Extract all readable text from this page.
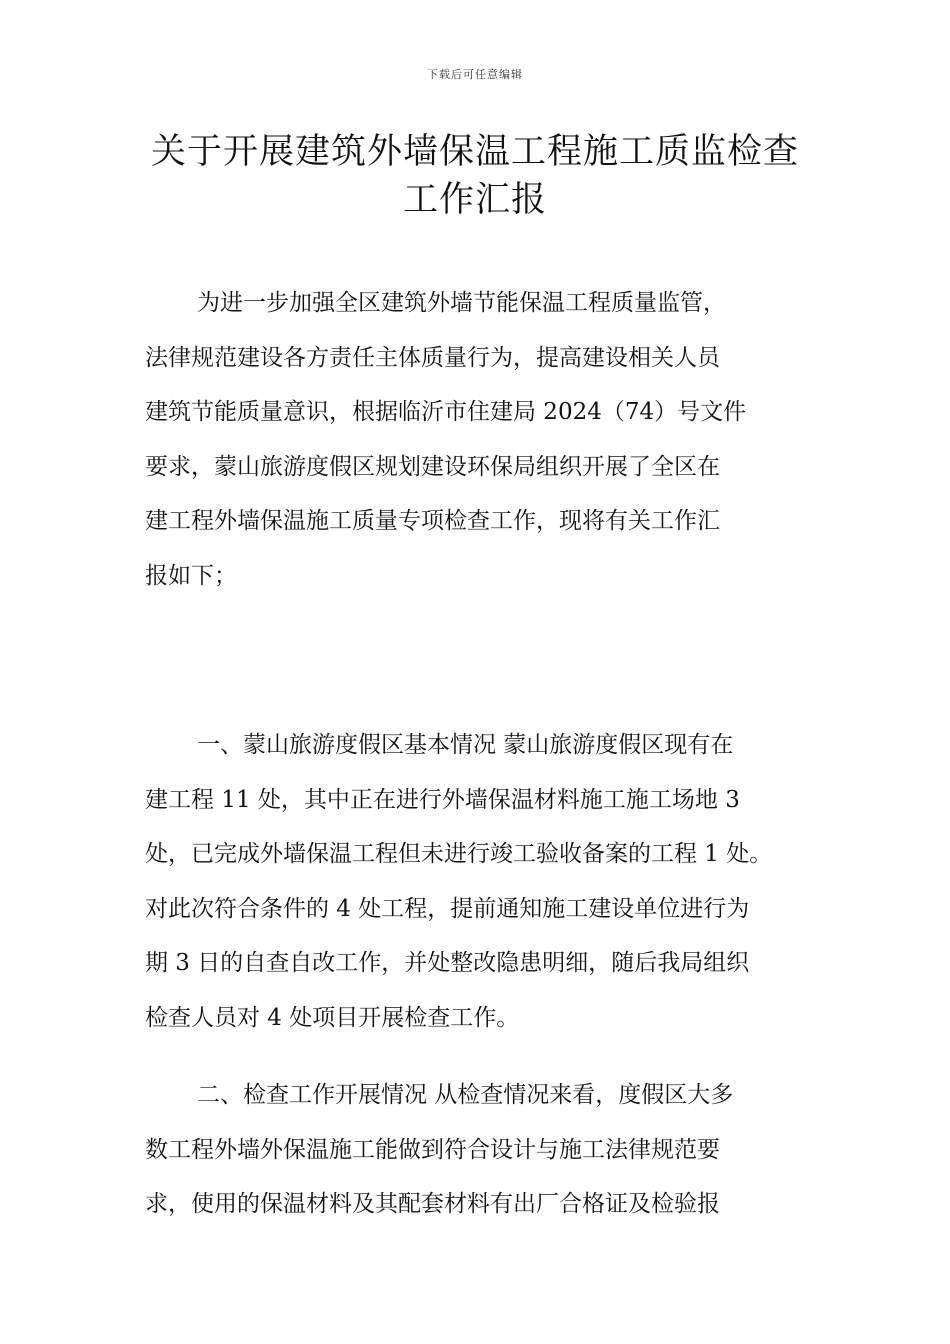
下载后可任意编辑
关于开展建筑外墙保温工程施工质监检查
工作汇报
为进一步加强全区建筑外墙节能保温工程质量监管，
法律规范建设各方责任主体质量行为，提高建设相关人员
建筑节能质量意识，根据临沂市住建局 2024（74）号文件
要求，蒙山旅游度假区规划建设环保局组织开展了全区在
建工程外墙保温施工质量专项检查工作，现将有关工作汇
报如下；
一、蒙山旅游度假区基本情况 蒙山旅游度假区现有在
建工程 11 处，其中正在进行外墙保温材料施工施工场地 3
处，已完成外墙保温工程但未进行竣工验收备案的工程 1 处。
对此次符合条件的 4 处工程，提前通知施工建设单位进行为
期 3 日的自查自改工作，并处整改隐患明细，随后我局组织
检查人员对 4 处项目开展检查工作。
二、检查工作开展情况 从检查情况来看，度假区大多
数工程外墙外保温施工能做到符合设计与施工法律规范要
求，使用的保温材料及其配套材料有出厂合格证及检验报
